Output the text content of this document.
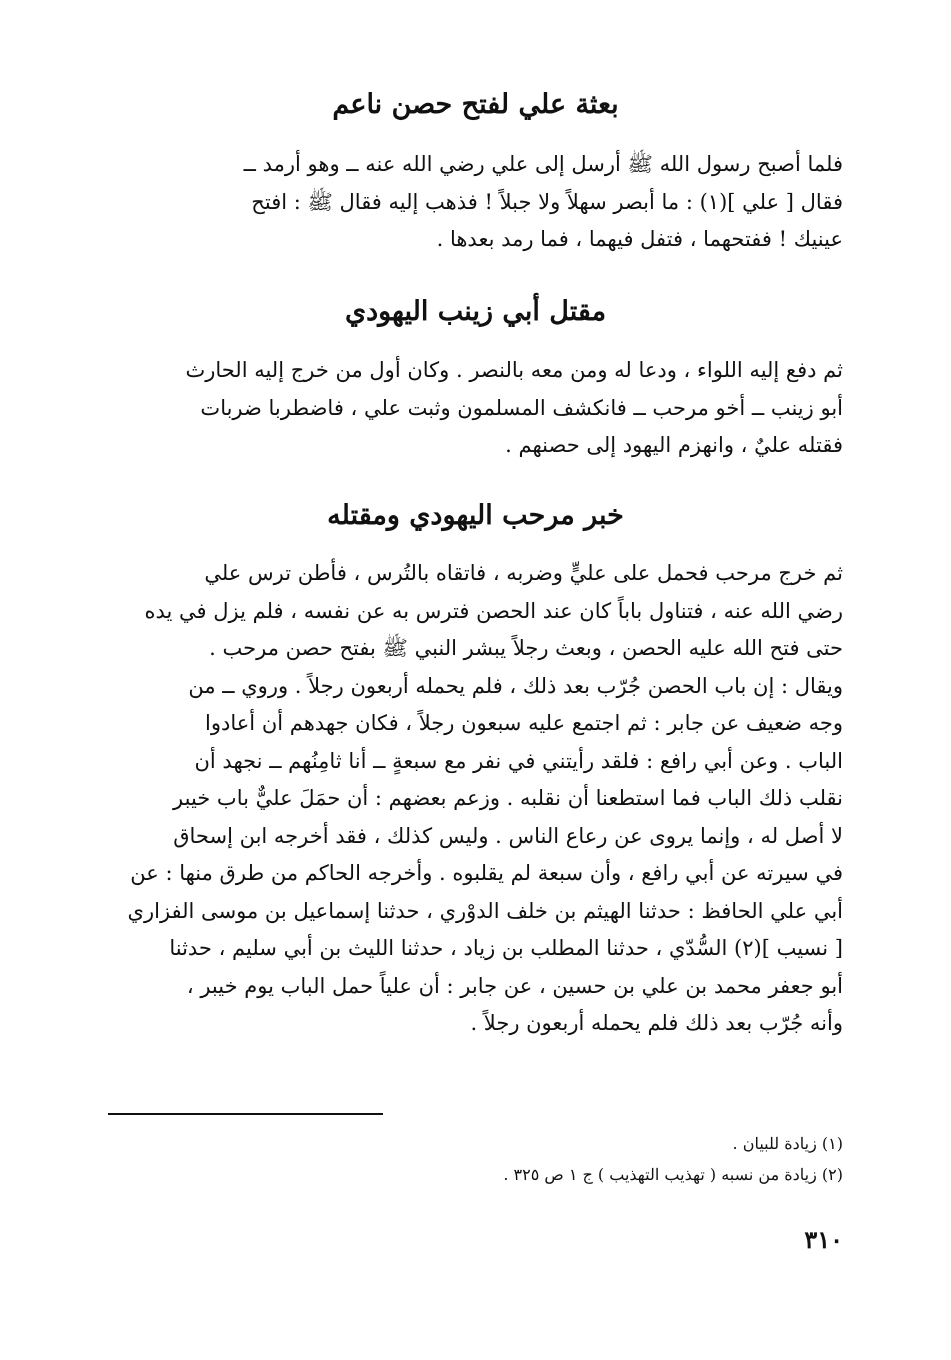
بعثة علي لفتح حصن ناعم

فلما أصبح رسول الله ﷺ أرسل إلى علي رضي الله عنه ــ وهو أرمد ــ
فقال [ علي ](١) : ما أبصر سهلاً ولا جبلاً ! فذهب إليه فقال ﷺ : افتح
عينيك ! ففتحهما ، فتفل فيهما ، فما رمد بعدها .

مقتل أبي زينب اليهودي

ثم دفع إليه اللواء ، ودعا له ومن معه بالنصر . وكان أول من خرج إليه الحارث
أبو زينب ــ أخو مرحب ــ فانكشف المسلمون وثبت علي ، فاضطربا ضربات
فقتله عليٌ ، وانهزم اليهود إلى حصنهم .

خبر مرحب اليهودي ومقتله

ثم خرج مرحب فحمل على عليٍّ وضربه ، فاتقاه بالتُرس ، فأطن ترس علي
رضي الله عنه ، فتناول باباً كان عند الحصن فترس به عن نفسه ، فلم يزل في يده
حتى فتح الله عليه الحصن ، وبعث رجلاً يبشر النبي ﷺ بفتح حصن مرحب .
ويقال : إن باب الحصن جُرّب بعد ذلك ، فلم يحمله أربعون رجلاً . وروي ــ من
وجه ضعيف عن جابر : ثم اجتمع عليه سبعون رجلاً ، فكان جهدهم أن أعادوا
الباب . وعن أبي رافع : فلقد رأيتني في نفر مع سبعةٍ ــ أنا ثامِنُهم ــ نجهد أن
نقلب ذلك الباب فما استطعنا أن نقلبه . وزعم بعضهم : أن حمَلَ عليٌّ باب خيبر
لا أصل له ، وإنما يروى عن رعاع الناس . وليس كذلك ، فقد أخرجه ابن إسحاق
في سيرته عن أبي رافع ، وأن سبعة لم يقلبوه . وأخرجه الحاكم من طرق منها : عن
أبي علي الحافظ : حدثنا الهيثم بن خلف الدوْري ، حدثنا إسماعيل بن موسى الفزاري
[ نسيب ](٢) السُّدّي ، حدثنا المطلب بن زياد ، حدثنا الليث بن أبي سليم ، حدثنا
أبو جعفر محمد بن علي بن حسين ، عن جابر : أن علياً حمل الباب يوم خيبر ،
وأنه جُرّب بعد ذلك فلم يحمله أربعون رجلاً .

(١) زيادة للبيان .

(٢) زيادة من نسبه ( تهذيب التهذيب ) ج ١ ص ٣٢٥ .

٣١٠
